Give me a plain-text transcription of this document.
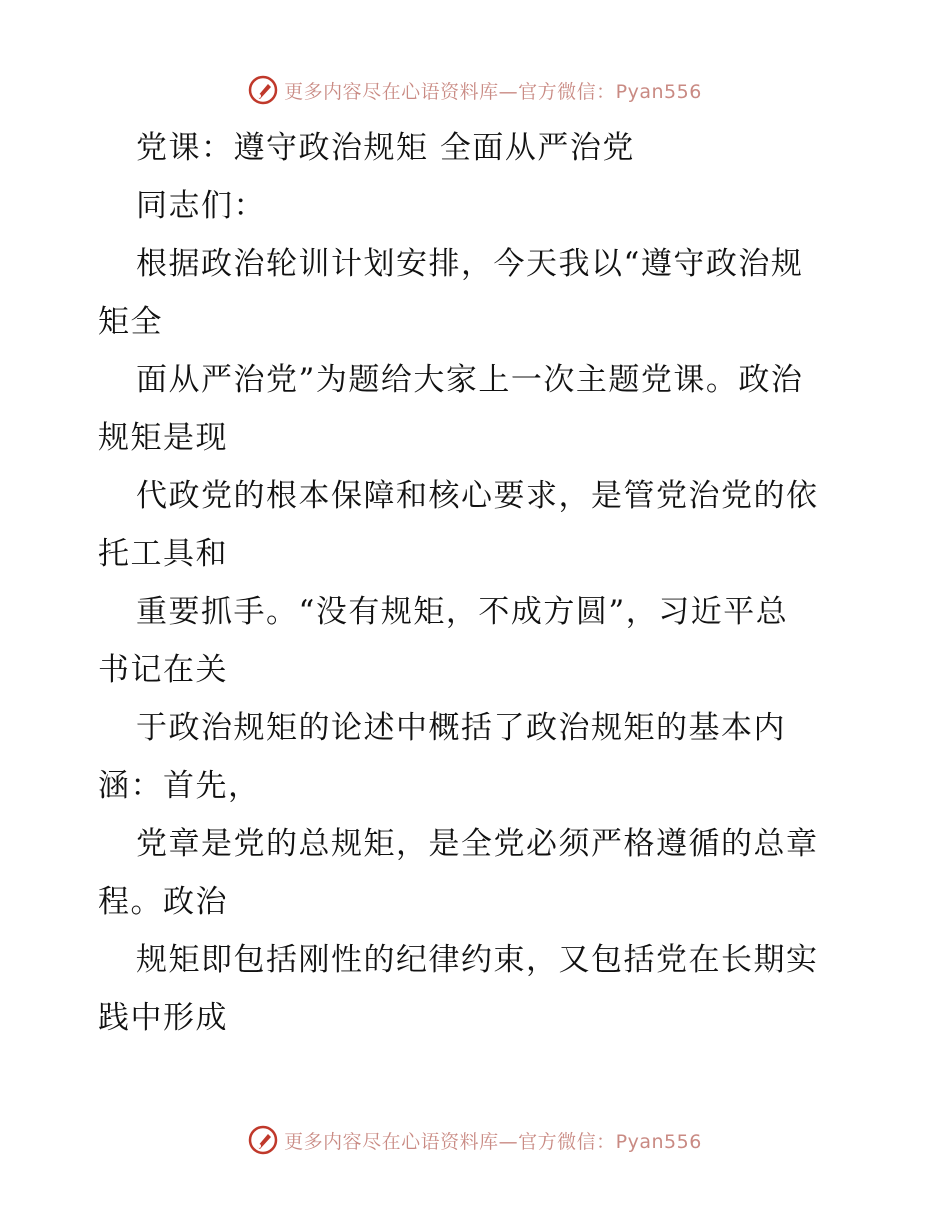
更多内容尽在心语资料库—官方微信：Pyan556
党课：遵守政治规矩 全面从严治党
同志们：
根据政治轮训计划安排，今天我以“遵守政治规
矩全
面从严治党”为题给大家上一次主题党课。政治
规矩是现
代政党的根本保障和核心要求，是管党治党的依
托工具和
重要抓手。“没有规矩，不成方圆”，习近平总
书记在关
于政治规矩的论述中概括了政治规矩的基本内
涵：首先，
党章是党的总规矩，是全党必须严格遵循的总章
程。政治
规矩即包括刚性的纪律约束，又包括党在长期实
践中形成
更多内容尽在心语资料库—官方微信：Pyan556
